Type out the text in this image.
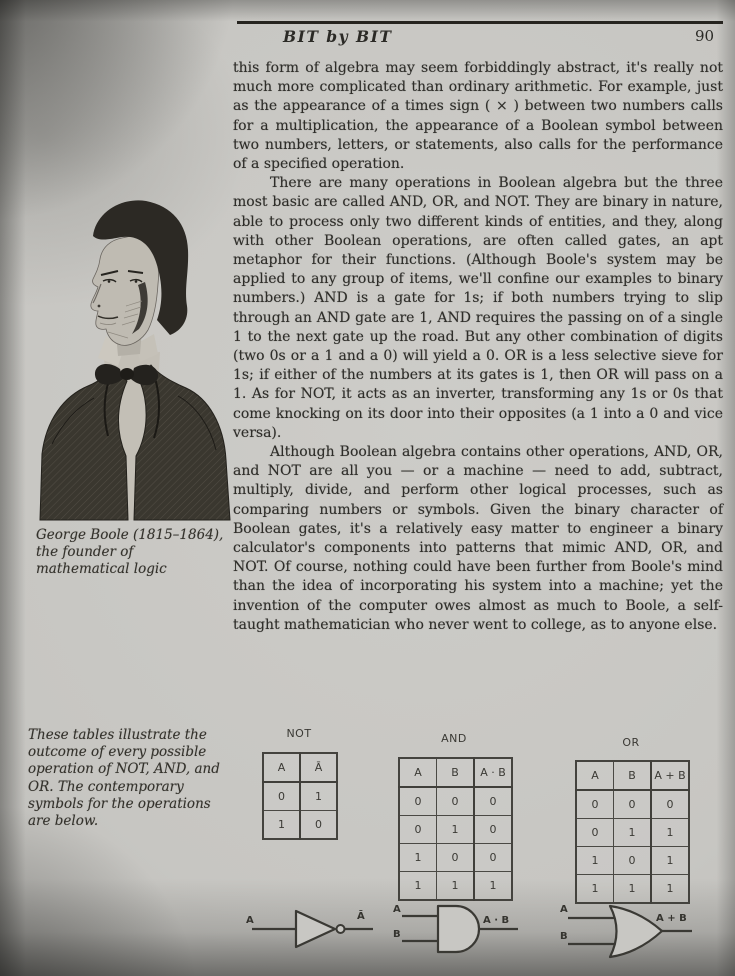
BIT by BIT	90

this form of algebra may seem forbiddingly abstract, it's really not much more complicated than ordinary arithmetic. For example, just as the appearance of a times sign ( × ) between two numbers calls for a multiplication, the appearance of a Boolean symbol between two numbers, letters, or statements, also calls for the performance of a specified operation.

There are many operations in Boolean algebra but the three most basic are called AND, OR, and NOT. They are binary in nature, able to process only two different kinds of entities, and they, along with other Boolean operations, are often called gates, an apt metaphor for their functions. (Although Boole's system may be applied to any group of items, we'll confine our examples to binary numbers.) AND is a gate for 1s; if both numbers trying to slip through an AND gate are 1, AND requires the passing on of a single 1 to the next gate up the road. But any other combination of digits (two 0s or a 1 and a 0) will yield a 0. OR is a less selective sieve for 1s; if either of the numbers at its gates is 1, then OR will pass on a 1. As for NOT, it acts as an inverter, transforming any 1s or 0s that come knocking on its door into their opposites (a 1 into a 0 and vice versa).

Although Boolean algebra contains other operations, AND, OR, and NOT are all you — or a machine — need to add, subtract, multiply, divide, and perform other logical processes, such as comparing numbers or symbols. Given the binary character of Boolean gates, it's a relatively easy matter to engineer a binary calculator's components into patterns that mimic AND, OR, and NOT. Of course, nothing could have been further from Boole's mind than the idea of incorporating his system into a machine; yet the invention of the computer owes almost as much to Boole, a self-taught mathematician who never went to college, as to anyone else.

George Boole (1815–1864), the founder of mathematical logic
These tables illustrate the outcome of every possible operation of NOT, AND, and OR. The contemporary symbols for the operations are below.
NOT
A	Ā
0	1
1	0
AND
A	B	A · B
0	0	0
0	1	0
1	0	0
1	1	1
OR
A	B	A + B
0	0	0
0	1	1
1	0	1
1	1	1
A	Ā
A
B
A · B
A
B
A + B
